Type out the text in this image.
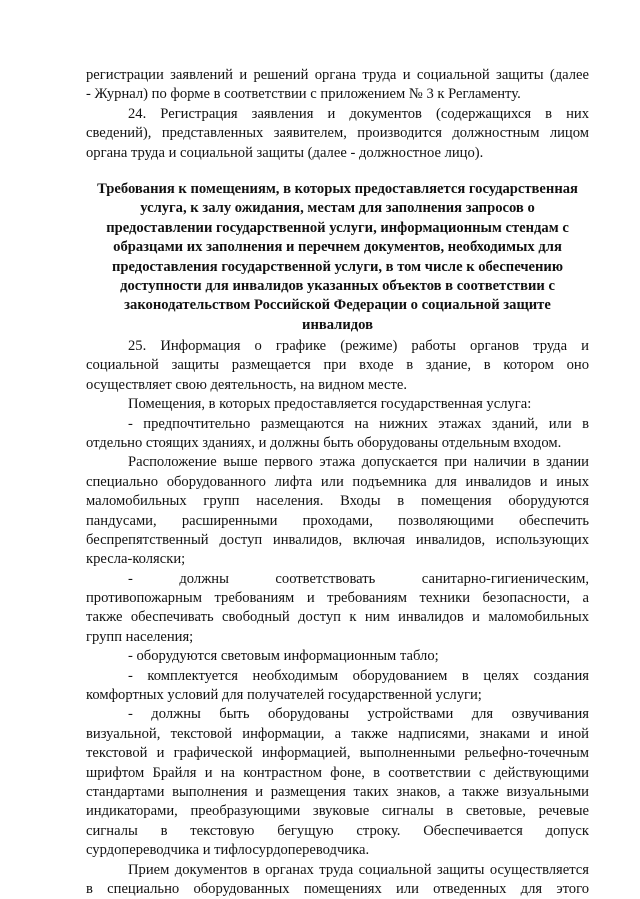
регистрации заявлений и решений органа труда и социальной защиты (далее
- Журнал) по форме в соответствии с приложением № 3 к Регламенту.
24. Регистрация заявления и документов (содержащихся в них
сведений), представленных заявителем, производится должностным лицом
органа труда и социальной защиты (далее - должностное лицо).
Требования к помещениям, в которых предоставляется государственная
услуга, к залу ожидания, местам для заполнения запросов о
предоставлении государственной услуги, информационным стендам с
образцами их заполнения и перечнем документов, необходимых для
предоставления государственной услуги, в том числе к обеспечению
доступности для инвалидов указанных объектов в соответствии с
законодательством Российской Федерации о социальной защите
инвалидов
25. Информация о графике (режиме) работы органов труда и
социальной защиты размещается при входе в здание, в котором оно
осуществляет свою деятельность, на видном месте.
Помещения, в которых предоставляется государственная услуга:
- предпочтительно размещаются на нижних этажах зданий, или в
отдельно стоящих зданиях, и должны быть оборудованы отдельным входом.
Расположение выше первого этажа допускается при наличии в здании
специально оборудованного лифта или подъемника для инвалидов и иных
маломобильных групп населения. Входы в помещения оборудуются
пандусами, расширенными проходами, позволяющими обеспечить
беспрепятственный доступ инвалидов, включая инвалидов, использующих
кресла-коляски;
- должны соответствовать санитарно-гигиеническим,
противопожарным требованиям и требованиям техники безопасности, а
также обеспечивать свободный доступ к ним инвалидов и маломобильных
групп населения;
- оборудуются световым информационным табло;
- комплектуется необходимым оборудованием в целях создания
комфортных условий для получателей государственной услуги;
- должны быть оборудованы устройствами для озвучивания
визуальной, текстовой информации, а также надписями, знаками и иной
текстовой и графической информацией, выполненными рельефно-точечным
шрифтом Брайля и на контрастном фоне, в соответствии с действующими
стандартами выполнения и размещения таких знаков, а также визуальными
индикаторами, преобразующими звуковые сигналы в световые, речевые
сигналы в текстовую бегущую строку. Обеспечивается допуск
сурдопереводчика и тифлосурдопереводчика.
Прием документов в органах труда социальной защиты осуществляется
в специально оборудованных помещениях или отведенных для этого
